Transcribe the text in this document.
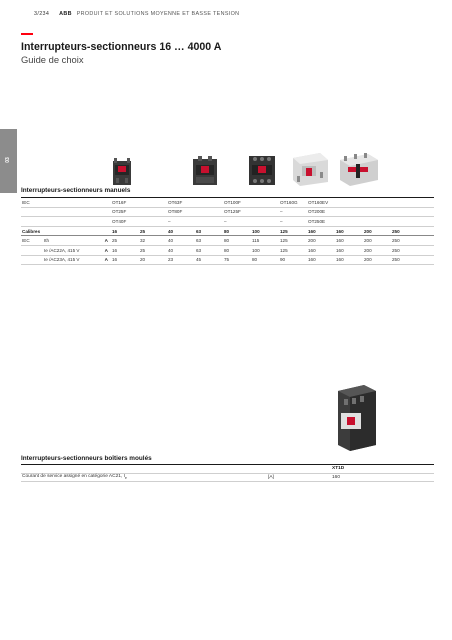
3/234 ABB PRODUIT ET SOLUTIONS MOYENNE ET BASSE TENSION
Interrupteurs-sectionneurs 16 … 4000 A
Guide de choix
03
Interrupteurs-sectionneurs manuels
IEC			OT16F		OT63F		OT100F		OT160G	OT160EV			
			OT25F		OT80F		OT125F		–	OT200E			
			OT40F		–		–		–	OT250E			
Calibres			16	25	40	63	80	100	125	160	160	200	250
IEC	Ith	A	25	32	40	63	80	115	125	200	160	200	250
	Ie /AC22A, 415 V	A	16	25	40	63	80	100	125	160	160	200	250
	Ie /AC23A, 415 V	A	16	20	23	45	75	80	90	160	160	200	250
Interrupteurs-sectionneurs boîtiers moulés
		XT1D
Courant de service assigné en catégorie AC21, $I_e$	[A]	160
